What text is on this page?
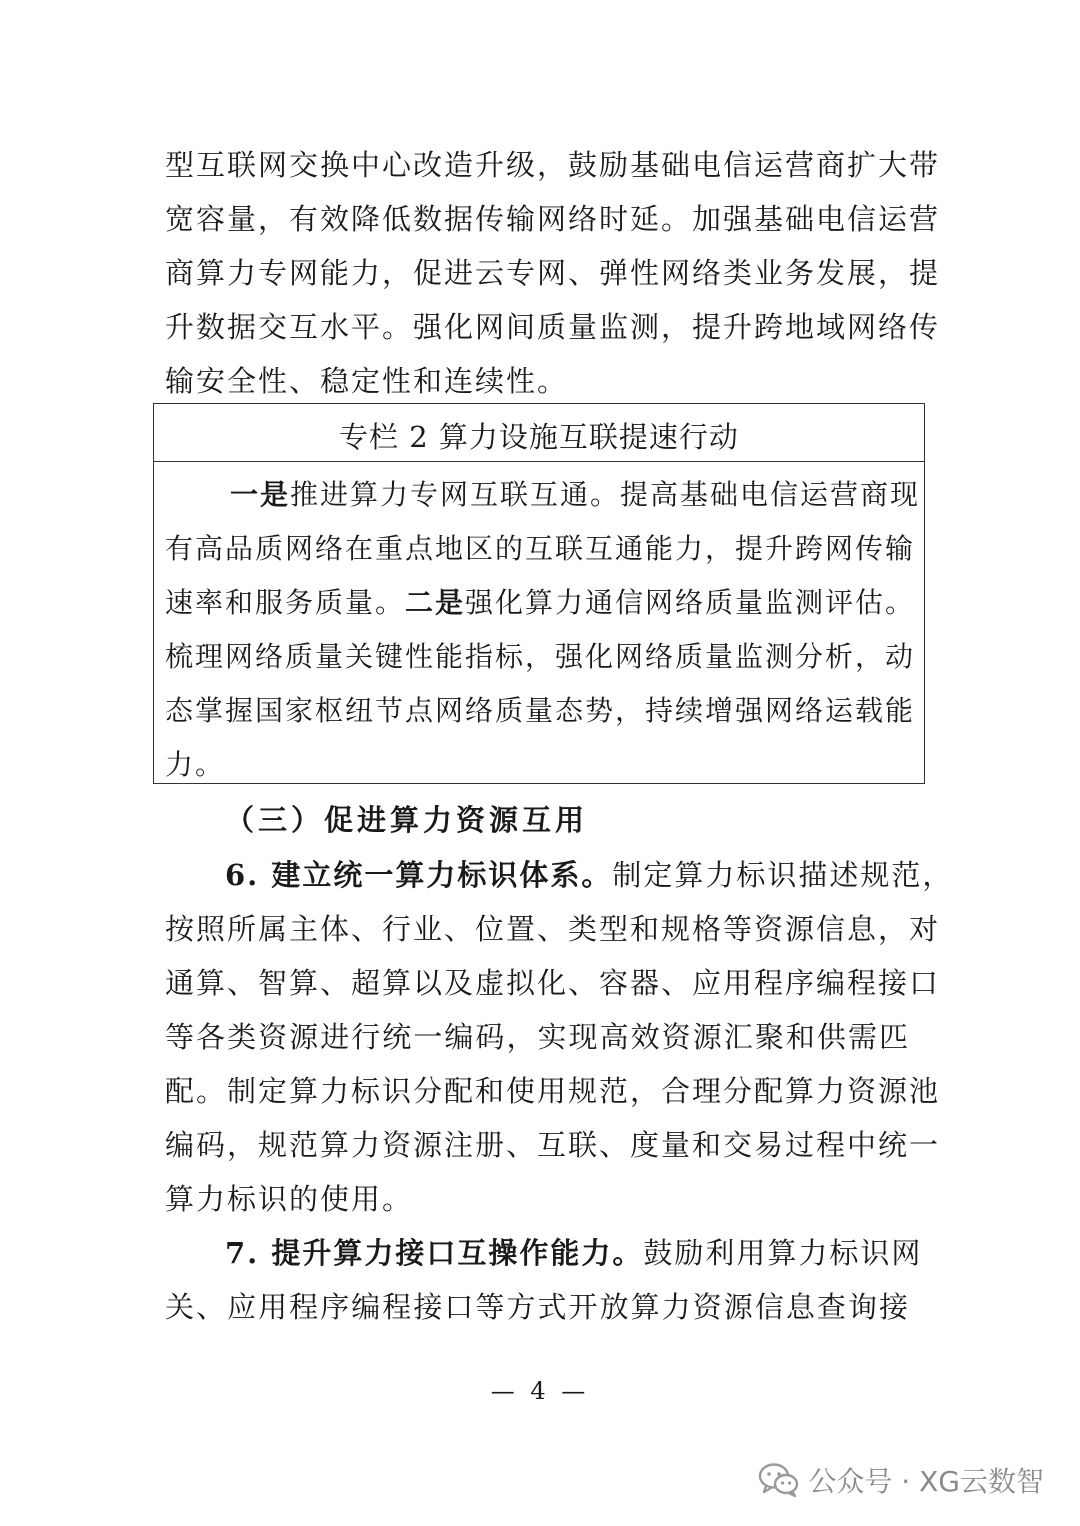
型互联网交换中心改造升级，鼓励基础电信运营商扩大带
宽容量，有效降低数据传输网络时延。加强基础电信运营
商算力专网能力，促进云专网、弹性网络类业务发展，提
升数据交互水平。强化网间质量监测，提升跨地域网络传
输安全性、稳定性和连续性。
专栏 2 算力设施互联提速行动
一是推进算力专网互联互通。提高基础电信运营商现
有高品质网络在重点地区的互联互通能力，提升跨网传输
速率和服务质量。二是强化算力通信网络质量监测评估。
梳理网络质量关键性能指标，强化网络质量监测分析，动
态掌握国家枢纽节点网络质量态势，持续增强网络运载能
力。
（三）促进算力资源互用
6. 建立统一算力标识体系。制定算力标识描述规范，
按照所属主体、行业、位置、类型和规格等资源信息，对
通算、智算、超算以及虚拟化、容器、应用程序编程接口
等各类资源进行统一编码，实现高效资源汇聚和供需匹
配。制定算力标识分配和使用规范，合理分配算力资源池
编码，规范算力资源注册、互联、度量和交易过程中统一
算力标识的使用。
7. 提升算力接口互操作能力。鼓励利用算力标识网
关、应用程序编程接口等方式开放算力资源信息查询接
— 4 —
公众号 · XG云数智
